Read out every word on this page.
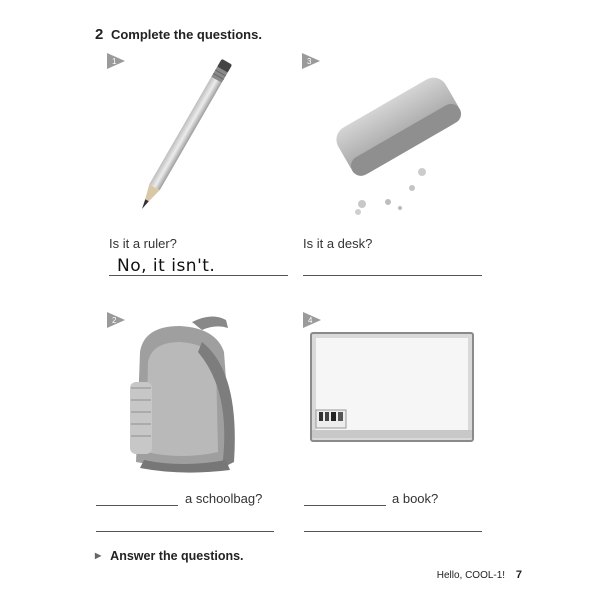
2 Complete the questions.
1
Is it a ruler?
No, it isn't.
3
Is it a desk?
2
a schoolbag?
4
a book?
▶ Answer the questions.
Hello, COOL-1! 7
